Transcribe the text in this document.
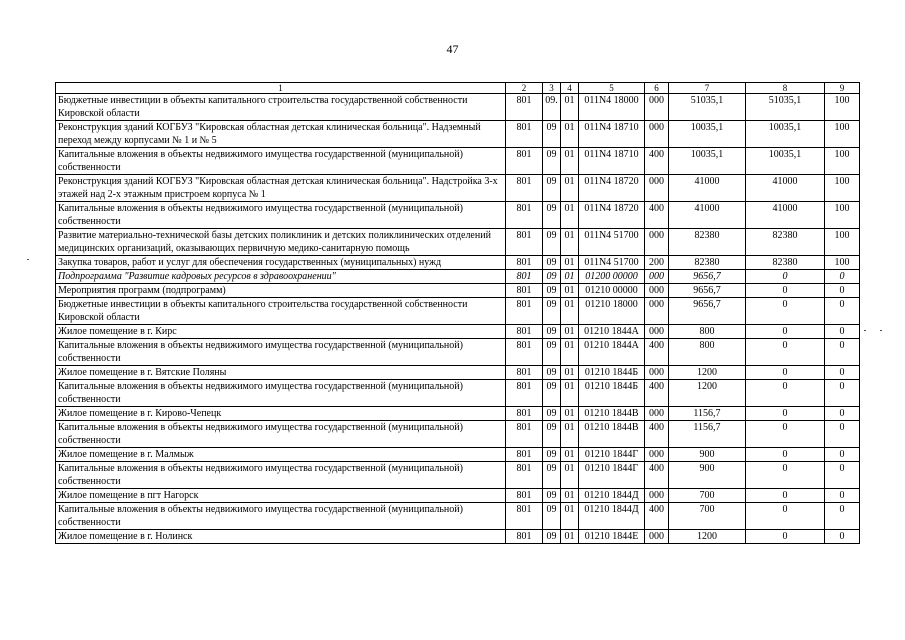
47
1	2	3	4	5	6	7	8	9
Бюджетные инвестиции в объекты капитального строительства государственной собственности Кировской области	801	09.	01	011N4 18000	000	51035,1	51035,1	100
Реконструкция зданий КОГБУЗ "Кировская областная детская клиническая больница". Надземный переход между корпусами № 1 и № 5	801	09	01	011N4 18710	000	10035,1	10035,1	100
Капитальные вложения в объекты недвижимого имущества государственной (муниципальной) собственности	801	09	01	011N4 18710	400	10035,1	10035,1	100
Реконструкция зданий КОГБУЗ "Кировская областная детская клиническая больница". Надстройка 3-х этажей над 2-х этажным пристроем корпуса № 1	801	09	01	011N4 18720	000	41000	41000	100
Капитальные вложения в объекты недвижимого имущества государственной (муниципальной) собственности	801	09	01	011N4 18720	400	41000	41000	100
Развитие материально-технической базы детских поликлиник и детских поликлинических отделений медицинских организаций, оказывающих первичную медико-санитарную помощь	801	09	01	011N4 51700	000	82380	82380	100
Закупка товаров, работ и услуг для обеспечения государственных (муниципальных) нужд	801	09	01	011N4 51700	200	82380	82380	100
Подпрограмма "Развитие кадровых ресурсов в здравоохранении"	801	09	01	01200 00000	000	9656,7	0	0
Мероприятия программ (подпрограмм)	801	09	01	01210 00000	000	9656,7	0	0
Бюджетные инвестиции в объекты капитального строительства государственной собственности Кировской области	801	09	01	01210 18000	000	9656,7	0	0
Жилое помещение в г. Кирс	801	09	01	01210 1844А	000	800	0	0
Капитальные вложения в объекты недвижимого имущества государственной (муниципальной) собственности	801	09	01	01210 1844А	400	800	0	0
Жилое помещение в г. Вятские Поляны	801	09	01	01210 1844Б	000	1200	0	0
Капитальные вложения в объекты недвижимого имущества государственной (муниципальной) собственности	801	09	01	01210 1844Б	400	1200	0	0
Жилое помещение в г. Кирово-Чепецк	801	09	01	01210 1844В	000	1156,7	0	0
Капитальные вложения в объекты недвижимого имущества государственной (муниципальной) собственности	801	09	01	01210 1844В	400	1156,7	0	0
Жилое помещение в г. Малмыж	801	09	01	01210 1844Г	000	900	0	0
Капитальные вложения в объекты недвижимого имущества государственной (муниципальной) собственности	801	09	01	01210 1844Г	400	900	0	0
Жилое помещение в пгт Нагорск	801	09	01	01210 1844Д	000	700	0	0
Капитальные вложения в объекты недвижимого имущества государственной (муниципальной) собственности	801	09	01	01210 1844Д	400	700	0	0
Жилое помещение в г. Нолинск	801	09	01	01210 1844Е	000	1200	0	0
